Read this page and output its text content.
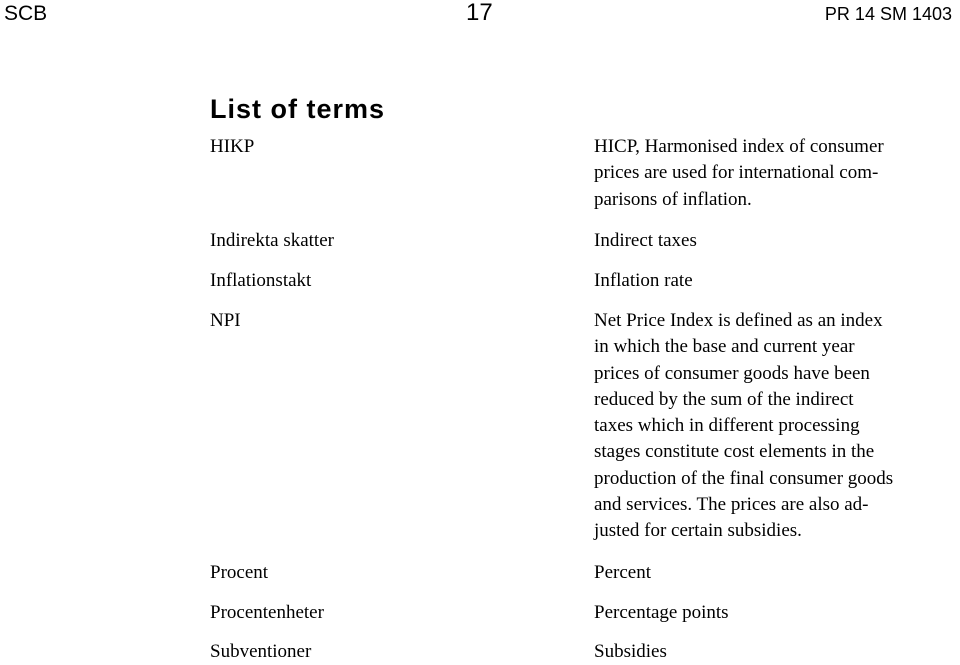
SCB	17	PR 14 SM 1403
List of terms
HIKP	HICP, Harmonised index of consumer
prices are used for international com-
parisons of inflation.
Indirekta skatter	Indirect taxes
Inflationstakt	Inflation rate
NPI	Net Price Index is defined as an index
in which the base and current year
prices of consumer goods have been
reduced by the sum of the indirect
taxes which in different processing
stages constitute cost elements in the
production of the final consumer goods
and services. The prices are also ad-
justed for certain subsidies.
Procent	Percent
Procentenheter	Percentage points
Subventioner	Subsidies
